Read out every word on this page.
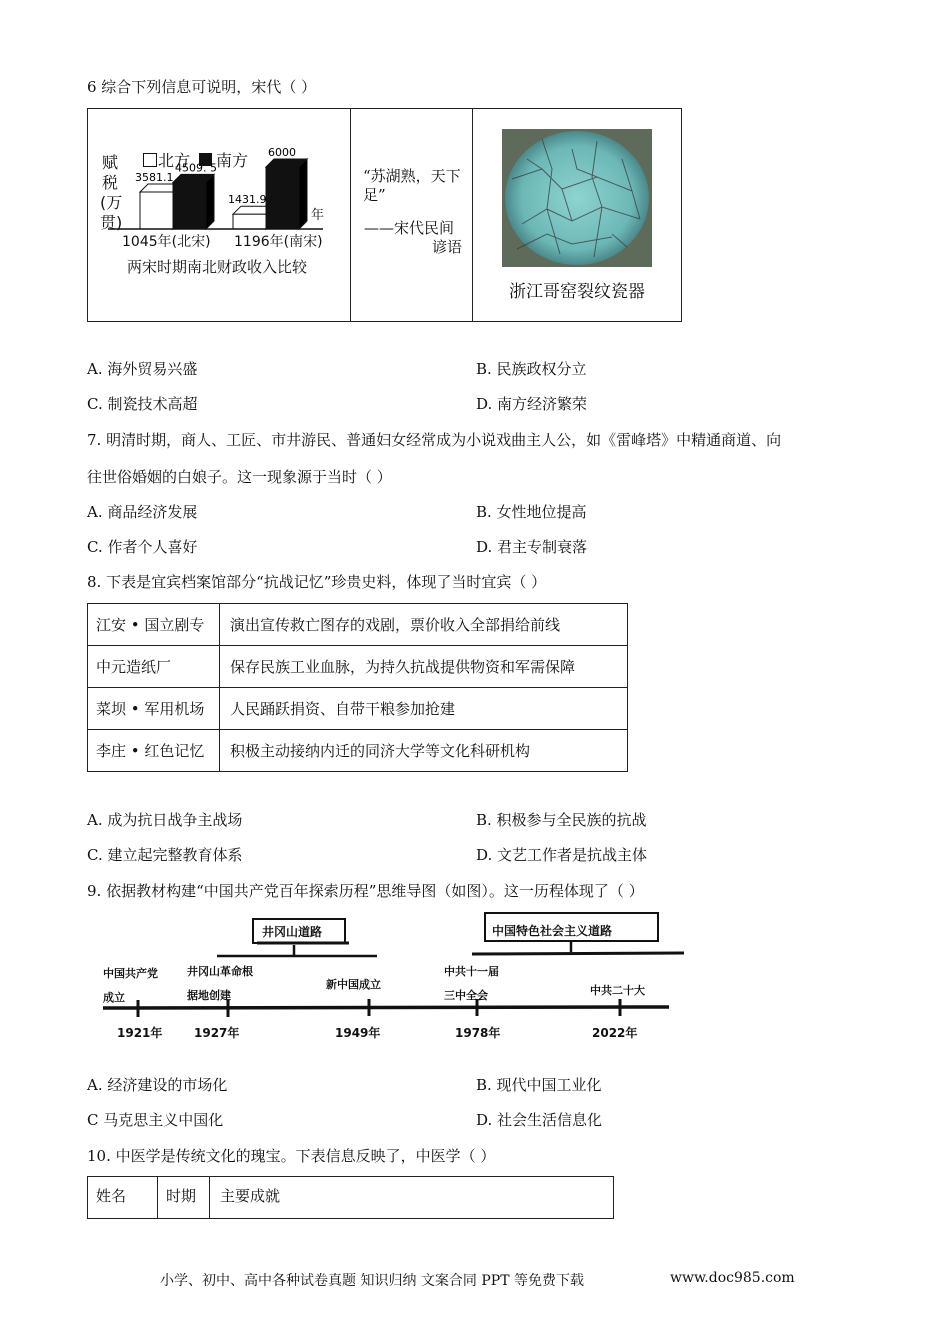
6 综合下列信息可说明，宋代（ ）
赋
税
(万
贯)
北方 南方
3581.1
4509. 5
1431.9
6000
年
1045年(北宋) 1196年(南宋)
两宋时期南北财政收入比较
“苏湖熟，天下足”
——宋代民间
谚语
浙江哥窑裂纹瓷器
A. 海外贸易兴盛	B. 民族政权分立
C. 制瓷技术高超	D. 南方经济繁荣
7. 明清时期，商人、工匠、市井游民、普通妇女经常成为小说戏曲主人公，如《雷峰塔》中精通商道、向
往世俗婚姻的白娘子。这一现象源于当时（ ）
A. 商品经济发展	B. 女性地位提高
C. 作者个人喜好	D. 君主专制衰落
8. 下表是宜宾档案馆部分“抗战记忆”珍贵史料，体现了当时宜宾（ ）
江安 • 国立剧专	演出宣传救亡图存的戏剧，票价收入全部捐给前线
中元造纸厂	保存民族工业血脉，为持久抗战提供物资和军需保障
菜坝 • 军用机场	人民踊跃捐资、自带干粮参加抢建
李庄 • 红色记忆	积极主动接纳内迁的同济大学等文化科研机构
A. 成为抗日战争主战场	B. 积极参与全民族的抗战
C. 建立起完整教育体系	D. 文艺工作者是抗战主体
9. 依据教材构建“中国共产党百年探索历程”思维导图（如图）。这一历程体现了（ ）
井冈山道路	中国特色社会主义道路
中国共产党
成立
井冈山革命根
据地创建
新中国成立
中共十一届
三中全会	中共二十大
1921年	1927年	1949年	1978年	2022年
A. 经济建设的市场化	B. 现代中国工业化
C 马克思主义中国化	D. 社会生活信息化
10. 中医学是传统文化的瑰宝。下表信息反映了，中医学（ ）
姓名	时期	主要成就
小学、初中、高中各种试卷真题 知识归纳 文案合同 PPT 等免费下载	www.doc985.com
